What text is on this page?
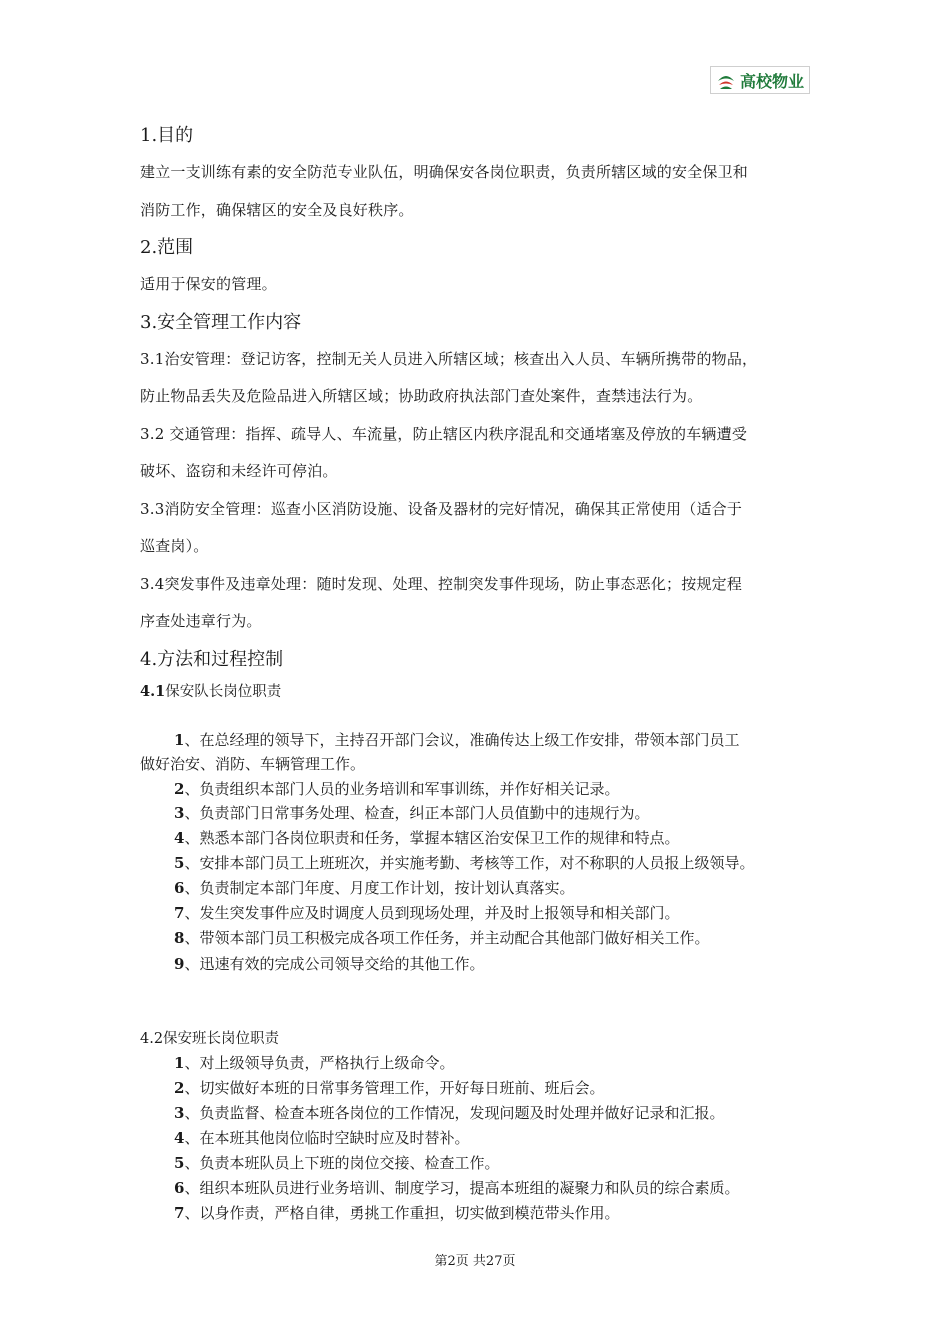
高校物业
1.目的
建立一支训练有素的安全防范专业队伍，明确保安各岗位职责，负责所辖区域的安全保卫和
消防工作，确保辖区的安全及良好秩序。
2.范围
适用于保安的管理。
3.安全管理工作内容
3.1治安管理：登记访客，控制无关人员进入所辖区域；核查出入人员、车辆所携带的物品，
防止物品丢失及危险品进入所辖区域；协助政府执法部门查处案件，查禁违法行为。
3.2 交通管理：指挥、疏导人、车流量，防止辖区内秩序混乱和交通堵塞及停放的车辆遭受
破坏、盗窃和未经许可停泊。
3.3消防安全管理：巡查小区消防设施、设备及器材的完好情况，确保其正常使用（适合于
巡查岗）。
3.4突发事件及违章处理：随时发现、处理、控制突发事件现场，防止事态恶化；按规定程
序查处违章行为。
4.方法和过程控制
4.1保安队长岗位职责
1、在总经理的领导下，主持召开部门会议，准确传达上级工作安排，带领本部门员工
做好治安、消防、车辆管理工作。
2、负责组织本部门人员的业务培训和军事训练，并作好相关记录。
3、负责部门日常事务处理、检查，纠正本部门人员值勤中的违规行为。
4、熟悉本部门各岗位职责和任务，掌握本辖区治安保卫工作的规律和特点。
5、安排本部门员工上班班次，并实施考勤、考核等工作，对不称职的人员报上级领导。
6、负责制定本部门年度、月度工作计划，按计划认真落实。
7、发生突发事件应及时调度人员到现场处理，并及时上报领导和相关部门。
8、带领本部门员工积极完成各项工作任务，并主动配合其他部门做好相关工作。
9、迅速有效的完成公司领导交给的其他工作。
4.2保安班长岗位职责
1、对上级领导负责，严格执行上级命令。
2、切实做好本班的日常事务管理工作，开好每日班前、班后会。
3、负责监督、检查本班各岗位的工作情况，发现问题及时处理并做好记录和汇报。
4、在本班其他岗位临时空缺时应及时替补。
5、负责本班队员上下班的岗位交接、检查工作。
6、组织本班队员进行业务培训、制度学习，提高本班组的凝聚力和队员的综合素质。
7、以身作责，严格自律，勇挑工作重担，切实做到模范带头作用。
第2页 共27页
